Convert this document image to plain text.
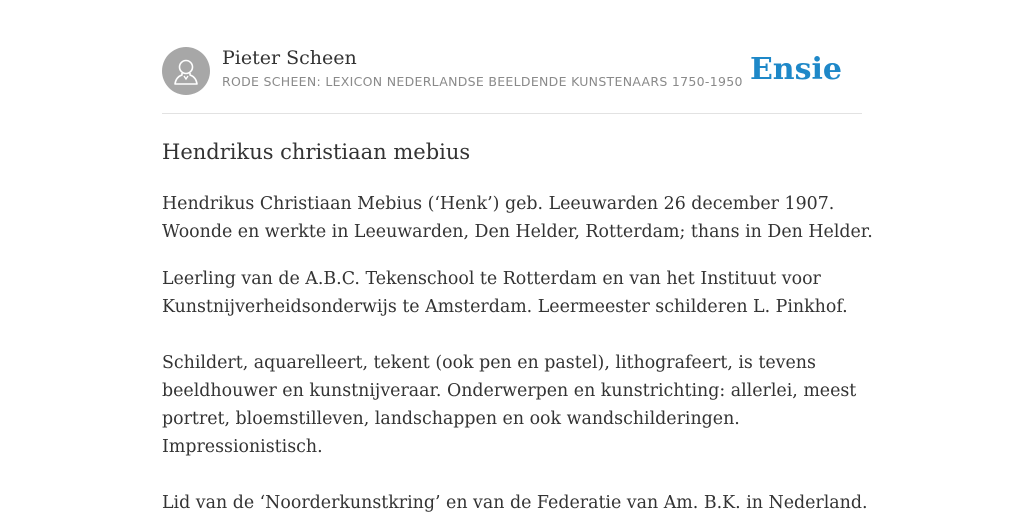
Pieter Scheen
RODE SCHEEN: LEXICON NEDERLANDSE BEELDENDE KUNSTENAARS 1750-1950 Ensie
Hendrikus christiaan mebius

Hendrikus Christiaan Mebius (‘Henk’) geb. Leeuwarden 26 december 1907.
Woonde en werkte in Leeuwarden, Den Helder, Rotterdam; thans in Den Helder.

Leerling van de A.B.C. Tekenschool te Rotterdam en van het Instituut voor
Kunstnijverheidsonderwijs te Amsterdam. Leermeester schilderen L. Pinkhof.

Schildert, aquarelleert, tekent (ook pen en pastel), lithografeert, is tevens
beeldhouwer en kunstnijveraar. Onderwerpen en kunstrichting: allerlei, meest
portret, bloemstilleven, landschappen en ook wandschilderingen.
Impressionistisch.

Lid van de ‘Noorderkunstkring’ en van de Federatie van Am. B.K. in Nederland.
